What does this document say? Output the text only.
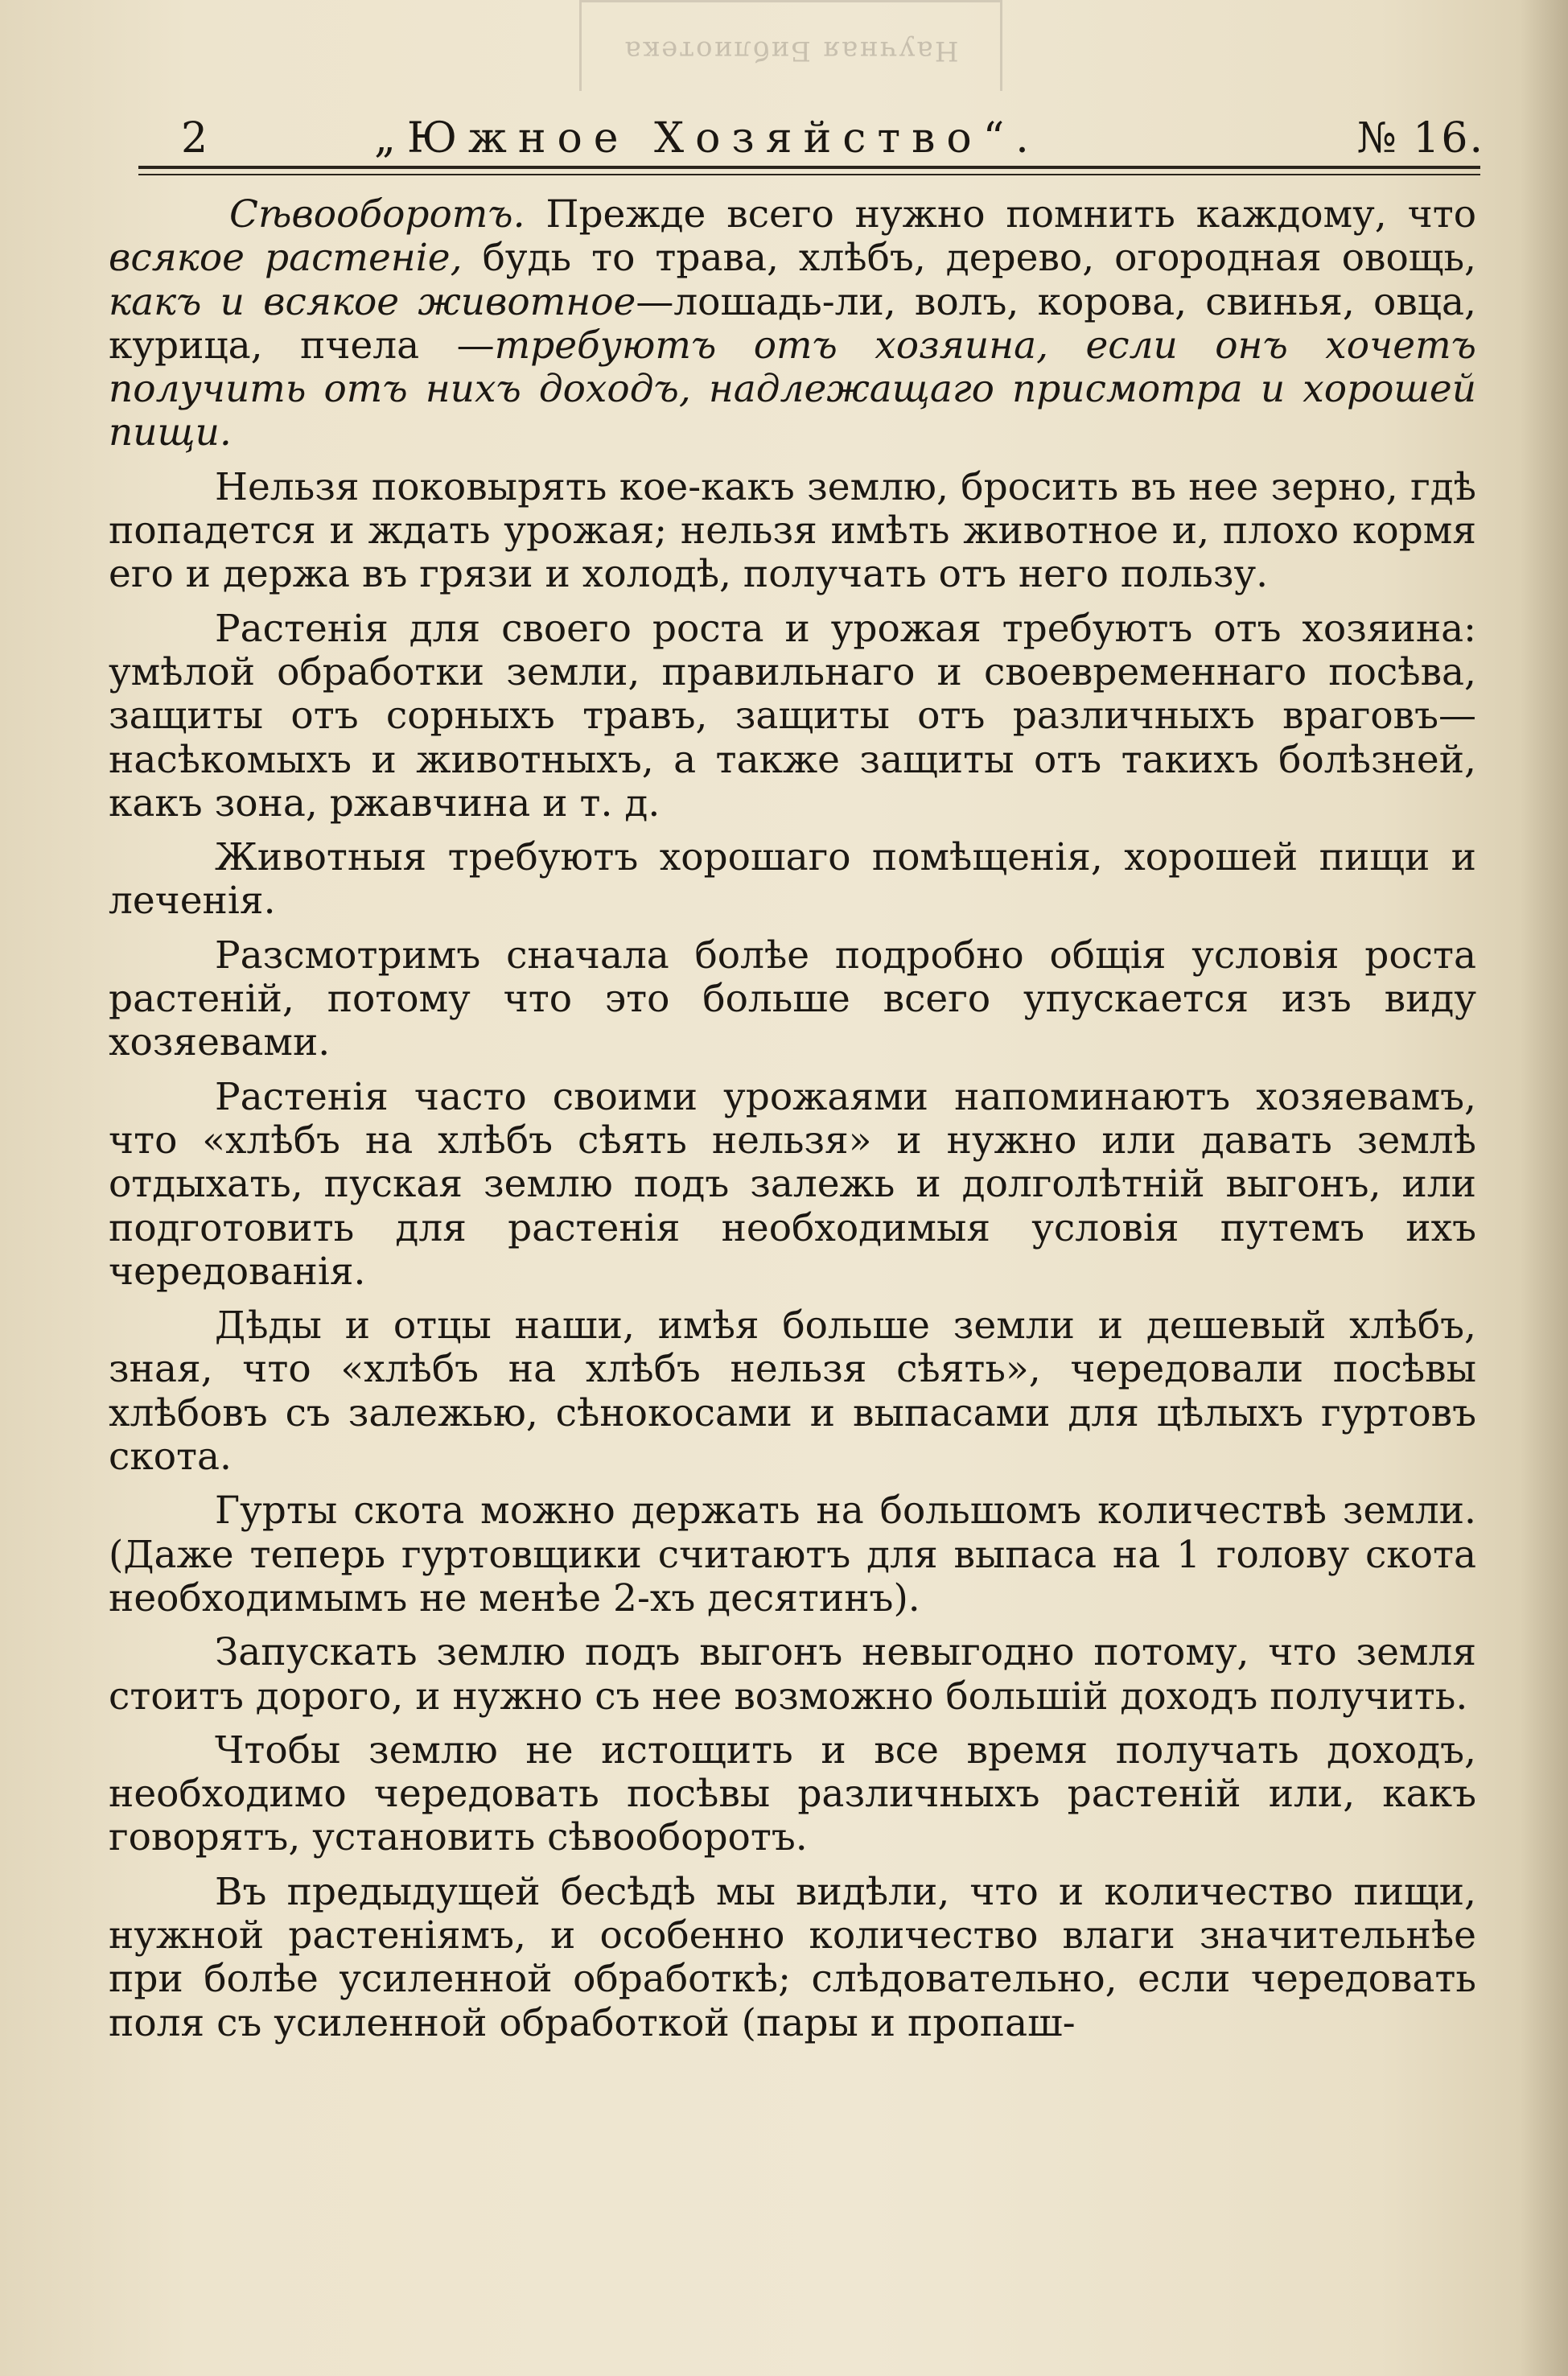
Научная Библиотека
2	„Южное Хозяйство“.	№ 16.

Сѣвооборотъ. Прежде всего нужно помнить каждому, что всякое растеніе, будь то трава, хлѣбъ, дерево, огородная овощь, какъ и всякое животное—лошадь-ли, волъ, корова, свинья, овца, курица, пчела —требуютъ отъ хозяина, если онъ хочетъ получить отъ нихъ доходъ, надлежащаго присмотра и хорошей пищи.

Нельзя поковырять кое-какъ землю, бросить въ нее зерно, гдѣ попадется и ждать урожая; нельзя имѣть животное и, плохо кормя его и держа въ грязи и холодѣ, получать отъ него пользу.

Растенія для своего роста и урожая требуютъ отъ хозяина: умѣлой обработки земли, правильнаго и своевременнаго посѣва, защиты отъ сорныхъ травъ, защиты отъ различныхъ враговъ—насѣкомыхъ и животныхъ, а также защиты отъ такихъ болѣзней, какъ зона, ржавчина и т. д.

Животныя требуютъ хорошаго помѣщенія, хорошей пищи и леченія.

Разсмотримъ сначала болѣе подробно общія условія роста растеній, потому что это больше всего упускается изъ виду хозяевами.

Растенія часто своими урожаями напоминаютъ хозяевамъ, что «хлѣбъ на хлѣбъ сѣять нельзя» и нужно или давать землѣ отдыхать, пуская землю подъ залежь и долголѣтній выгонъ, или подготовить для растенія необходимыя условія путемъ ихъ чередованія.

Дѣды и отцы наши, имѣя больше земли и дешевый хлѣбъ, зная, что «хлѣбъ на хлѣбъ нельзя сѣять», чередовали посѣвы хлѣбовъ съ залежью, сѣнокосами и выпасами для цѣлыхъ гуртовъ скота.

Гурты скота можно держать на большомъ количествѣ земли. (Даже теперь гуртовщики считаютъ для выпаса на 1 голову скота необходимымъ не менѣе 2-хъ десятинъ).

Запускать землю подъ выгонъ невыгодно потому, что земля стоитъ дорого, и нужно съ нее возможно большій доходъ получить.

Чтобы землю не истощить и все время получать доходъ, необходимо чередовать посѣвы различныхъ растеній или, какъ говорятъ, установить сѣвооборотъ.

Въ предыдущей бесѣдѣ мы видѣли, что и количество пищи, нужной растеніямъ, и особенно количество влаги значительнѣе при болѣе усиленной обработкѣ; слѣдовательно, если чередовать поля съ усиленной обработкой (пары и пропаш-
